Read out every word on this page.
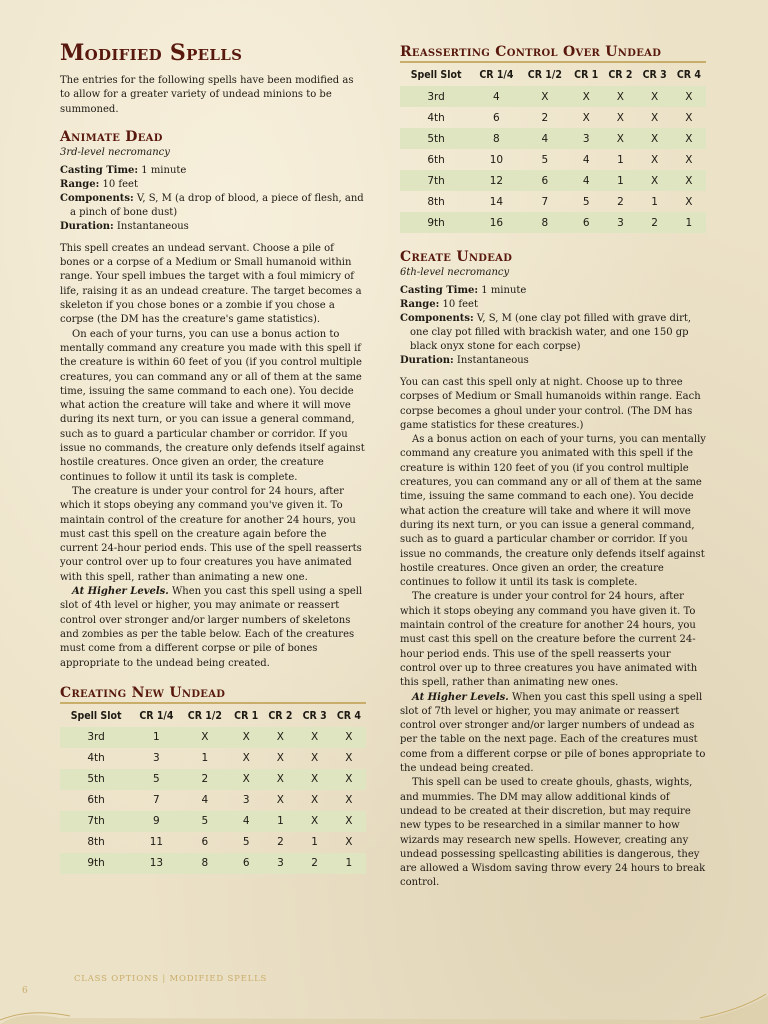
Modified Spells

The entries for the following spells have been modified as to allow for a greater variety of undead minions to be summoned.

Animate Dead
3rd-level necromancy
Casting Time: 1 minute
Range: 10 feet
Components: V, S, M (a drop of blood, a piece of flesh, and a pinch of bone dust)
Duration: Instantaneous

This spell creates an undead servant. Choose a pile of bones or a corpse of a Medium or Small humanoid within range. Your spell imbues the target with a foul mimicry of life, raising it as an undead creature. The target becomes a skeleton if you chose bones or a zombie if you chose a corpse (the DM has the creature's game statistics).

On each of your turns, you can use a bonus action to mentally command any creature you made with this spell if the creature is within 60 feet of you (if you control multiple creatures, you can command any or all of them at the same time, issuing the same command to each one). You decide what action the creature will take and where it will move during its next turn, or you can issue a general command, such as to guard a particular chamber or corridor. If you issue no commands, the creature only defends itself against hostile creatures. Once given an order, the creature continues to follow it until its task is complete.

The creature is under your control for 24 hours, after which it stops obeying any command you've given it. To maintain control of the creature for another 24 hours, you must cast this spell on the creature again before the current 24-hour period ends. This use of the spell reasserts your control over up to four creatures you have animated with this spell, rather than animating a new one.

At Higher Levels. When you cast this spell using a spell slot of 4th level or higher, you may animate or reassert control over stronger and/or larger numbers of skeletons and zombies as per the table below. Each of the creatures must come from a different corpse or pile of bones appropriate to the undead being created.

Creating New Undead
Spell Slot	CR 1/4	CR 1/2	CR 1	CR 2	CR 3	CR 4
3rd	1	X	X	X	X	X
4th	3	1	X	X	X	X
5th	5	2	X	X	X	X
6th	7	4	3	X	X	X
7th	9	5	4	1	X	X
8th	11	6	5	2	1	X
9th	13	8	6	3	2	1
Reasserting Control Over Undead
Spell Slot	CR 1/4	CR 1/2	CR 1	CR 2	CR 3	CR 4
3rd	4	X	X	X	X	X
4th	6	2	X	X	X	X
5th	8	4	3	X	X	X
6th	10	5	4	1	X	X
7th	12	6	4	1	X	X
8th	14	7	5	2	1	X
9th	16	8	6	3	2	1
Create Undead
6th-level necromancy
Casting Time: 1 minute
Range: 10 feet
Components: V, S, M (one clay pot filled with grave dirt, one clay pot filled with brackish water, and one 150 gp black onyx stone for each corpse)
Duration: Instantaneous

You can cast this spell only at night. Choose up to three corpses of Medium or Small humanoids within range. Each corpse becomes a ghoul under your control. (The DM has game statistics for these creatures.)

As a bonus action on each of your turns, you can mentally command any creature you animated with this spell if the creature is within 120 feet of you (if you control multiple creatures, you can command any or all of them at the same time, issuing the same command to each one). You decide what action the creature will take and where it will move during its next turn, or you can issue a general command, such as to guard a particular chamber or corridor. If you issue no commands, the creature only defends itself against hostile creatures. Once given an order, the creature continues to follow it until its task is complete.

The creature is under your control for 24 hours, after which it stops obeying any command you have given it. To maintain control of the creature for another 24 hours, you must cast this spell on the creature before the current 24-hour period ends. This use of the spell reasserts your control over up to three creatures you have animated with this spell, rather than animating new ones.

At Higher Levels. When you cast this spell using a spell slot of 7th level or higher, you may animate or reassert control over stronger and/or larger numbers of undead as per the table on the next page. Each of the creatures must come from a different corpse or pile of bones appropriate to the undead being created.

This spell can be used to create ghouls, ghasts, wights, and mummies. The DM may allow additional kinds of undead to be created at their discretion, but may require new types to be researched in a similar manner to how wizards may research new spells. However, creating any undead possessing spellcasting abilities is dangerous, they are allowed a Wisdom saving throw every 24 hours to break control.

CLASS OPTIONS | MODIFIED SPELLS
6
